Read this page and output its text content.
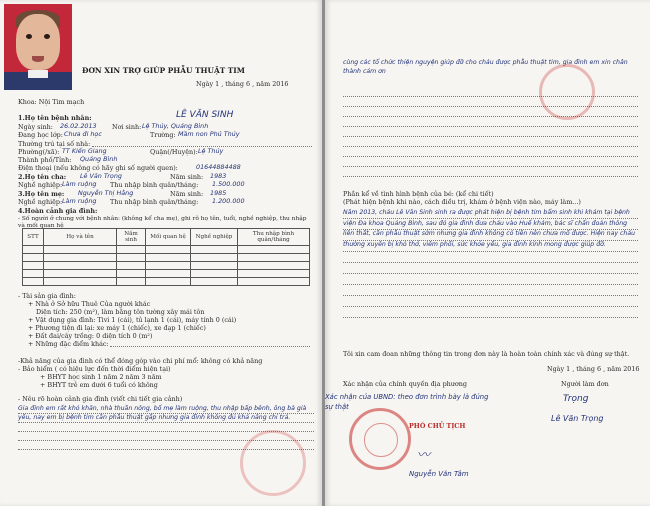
ĐƠN XIN TRỢ GIÚP PHẪU THUẬT TIM
Ngày 1 , tháng 6 , năm 2016
Khoa: Nội Tim mạch
1.Họ tên bệnh nhân:	LÊ VĂN SINH
Ngày sinh: 26.02.2013 Nơi sinh: Lệ Thủy, Quảng Bình
Đang học lớp: Chưa đi học	Trường: Mầm non Phú Thủy
Thường trú tại số nhà:
Phường(/xã): TT Kiến Giang	Quận(/Huyện): Lệ Thủy
Thành phố/Tỉnh: Quảng Bình
Điện thoại (nếu không có hãy ghi số người quen):	01644884488
2.Họ tên cha: Lê Văn Trọng	Năm sinh: 1983
Nghề nghiệp: Làm ruộng Thu nhập bình quân/tháng: 1.500.000
3.Họ tên mẹ: Nguyễn Thị Hằng	Năm sinh: 1985
Nghề nghiệp: Làm ruộng Thu nhập bình quân/tháng: 1.200.000
4.Hoàn cảnh gia đình:
- Số người ở chung với bệnh nhân: (không kể cha mẹ), ghi rõ họ tên, tuổi, nghề nghiệp, thu nhập
và mối quan hệ
STT	Họ và tên	Năm sinh	Mối quan hệ	Nghề nghiệp	Thu nhập bình quân/tháng

- Tài sản gia đình:
+ Nhà ở Sở hữu Thuê Của người khác
Diện tích: 250 (m²), làm bằng tôn tường xây mái tôn
+ Vật dụng gia đình: Tivi 1 (cái), tủ lạnh 1 (cái), máy tính 0 (cái)
+ Phương tiện đi lại: xe máy 1 (chiếc), xe đạp 1 (chiếc)
+ Đất đai/cây trồng: 0 diện tích 0 (m²)
+ Những đặc điểm khác:
-Khả năng của gia đình có thể đóng góp vào chi phí mổ: không có khả năng
- Bảo hiểm ( có hiệu lực đến thời điểm hiện tại)
+ BHYT học sinh 1 năm 2 năm 3 năm
+ BHYT trẻ em dưới 6 tuổi có không
- Nêu rõ hoàn cảnh gia đình (viết chi tiết gia cảnh)
Gia đình em rất khó khăn, nhà thuần nông, bố mẹ làm ruộng, thu nhập bấp bênh, ông bà già yếu, nay em bị bệnh tim cần phẫu thuật gấp nhưng gia đình không đủ khả năng chi trả.
cùng các tổ chức thiện nguyện giúp đỡ cho cháu được phẫu thuật tim, gia đình em xin chân thành cảm ơn
Phần kể về tình hình bệnh của bé: (kể chi tiết)
(Phát hiện bệnh khi nào, cách điều trị, khám ở bệnh viện nào, máy làm...)
Năm 2013, cháu Lê Văn Sinh sinh ra được phát hiện bị bệnh tim bẩm sinh khi khám tại bệnh viện Đa khoa Quảng Bình, sau đó gia đình đưa cháu vào Huế khám, bác sĩ chẩn đoán thông liên thất, cần phẫu thuật sớm nhưng gia đình không có tiền nên chưa mổ được. Hiện nay cháu thường xuyên bị khó thở, viêm phổi, sức khỏe yếu, gia đình kính mong được giúp đỡ.
Tôi xin cam đoan những thông tin trong đơn này là hoàn toàn chính xác và đúng sự thật.
Ngày 1 , tháng 6 , năm 2016
Xác nhận của chính quyền địa phương	Người làm đơn
Xác nhận của UBND: theo đơn trình bày là đúng sự thật
PHÓ CHỦ TỊCH
〰
Nguyễn Văn Tâm
Trọng
Lê Văn Trọng
